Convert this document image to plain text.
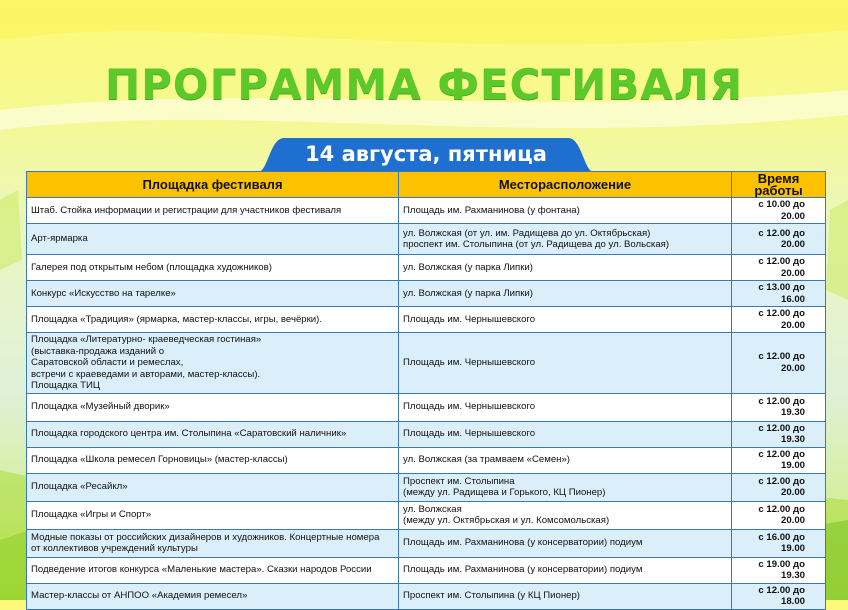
ПРОГРАММА ФЕСТИВАЛЯ
14 августа, пятница
Площадка фестиваля	Месторасположение	Время работы

Штаб. Стойка информации и регистрации для участников фестиваля	Площадь им. Рахманинова (у фонтана)	с 10.00 до 20.00

Арт-ярмарка	ул. Волжская (от ул. им. Радищева до ул. Октябрьская)
проспект им. Столыпина (от ул. Радищева до ул. Вольская)	с 12.00 до 20.00

Галерея под открытым небом (площадка художников)	ул. Волжская (у парка Липки)	с 12.00 до 20.00

Конкурс «Искусство на тарелке»	ул. Волжская (у парка Липки)	с 13.00 до 16.00

Площадка «Традиция» (ярмарка, мастер-классы, игры, вечёрки).	Площадь им. Чернышевского	с 12.00 до 20.00

Площадка «Литературно- краеведческая гостиная»
(выставка-продажа изданий о
Саратовской области и ремеслах,
встречи с краеведами и авторами, мастер-классы).
Площадка ТИЦ	Площадь им. Чернышевского	с 12.00 до 20.00

Площадка «Музейный дворик»	Площадь им. Чернышевского	с 12.00 до 19.30

Площадка городского центра им. Столыпина «Саратовский наличник»	Площадь им. Чернышевского	с 12.00 до 19.30

Площадка «Школа ремесел Горновицы» (мастер-классы)	ул. Волжская (за трамваем «Семен»)	с 12.00 до 19.00

Площадка «Ресайкл»	Проспект им. Столыпина
(между ул. Радищева и Горького, КЦ Пионер)	с 12.00 до 20.00

Площадка «Игры и Спорт»	ул. Волжская
(между ул. Октябрьская и ул. Комсомольская)	с 12.00 до 20.00

Модные показы от российских дизайнеров и художников. Концертные номера
от коллективов учреждений культуры	Площадь им. Рахманинова (у консерватории) подиум	с 16.00 до 19.00

Подведение итогов конкурса «Маленькие мастера». Сказки народов России	Площадь им. Рахманинова (у консерватории) подиум	с 19.00 до 19.30

Мастер-классы от АНПОО «Академия ремесел»	Проспект им. Столыпина (у КЦ Пионер)	с 12.00 до 18.00
